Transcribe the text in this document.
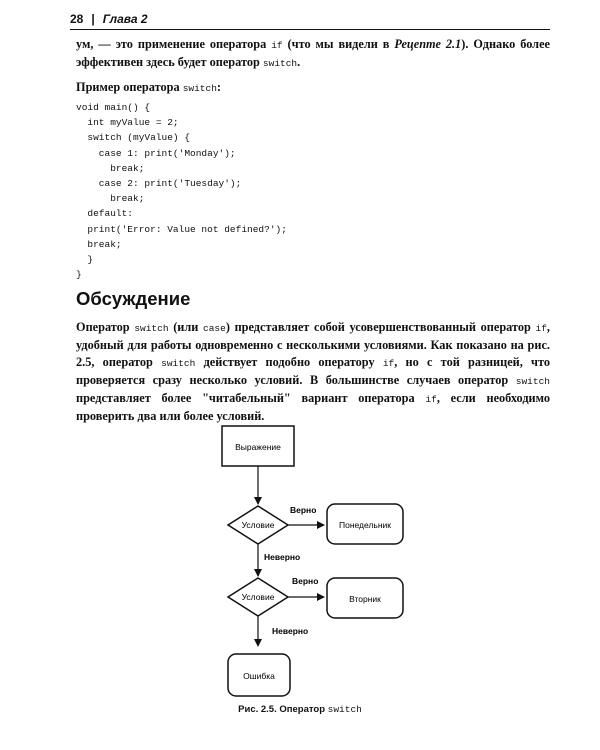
28 | Глава 2

ум, — это применение оператора if (что мы видели в Рецепте 2.1). Однако более эффективен здесь будет оператор switch.

Пример оператора switch:

void main() {
int myValue = 2;
switch (myValue) {
case 1: print('Monday');
break;
case 2: print('Tuesday');
break;
default:
print('Error: Value not defined?');
break;
}
}
Обсуждение

Оператор switch (или case) представляет собой усовершенствованный оператор if, удобный для работы одновременно с несколькими условиями. Как показано на рис. 2.5, оператор switch действует подобно оператору if, но с той разницей, что проверяется сразу несколько условий. В большинстве случаев оператор switch представляет более "читабельный" вариант оператора if, если необходимо проверить два или более условий.

Выражение
Условие
Верно
Понедельник
Неверно
Условие
Верно
Вторник
Неверно
Ошибка
Рис. 2.5. Оператор switch
